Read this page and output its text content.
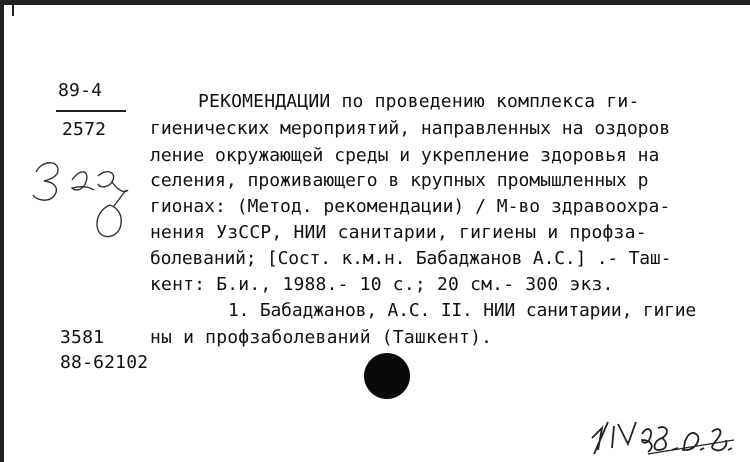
89-4
2572
РЕКОМЕНДАЦИИ по проведению комплекса ги-
гиенических мероприятий, направленных на оздоров
ление окружающей среды и укрепление здоровья на
селения, проживающего в крупных промышленных р
гионах: (Метод. рекомендации) / М-во здравоохра-
нения УзССР, НИИ санитарии, гигиены и профза-
болеваний; [Сост. к.м.н. Бабаджанов А.С.] .- Таш-
кент: Б.и., 1988.- 10 с.; 20 см.- 300 экз.
1. Бабаджанов, А.С. II. НИИ санитарии, гигие
ны и профзаболеваний (Ташкент).
3581
88-62102
